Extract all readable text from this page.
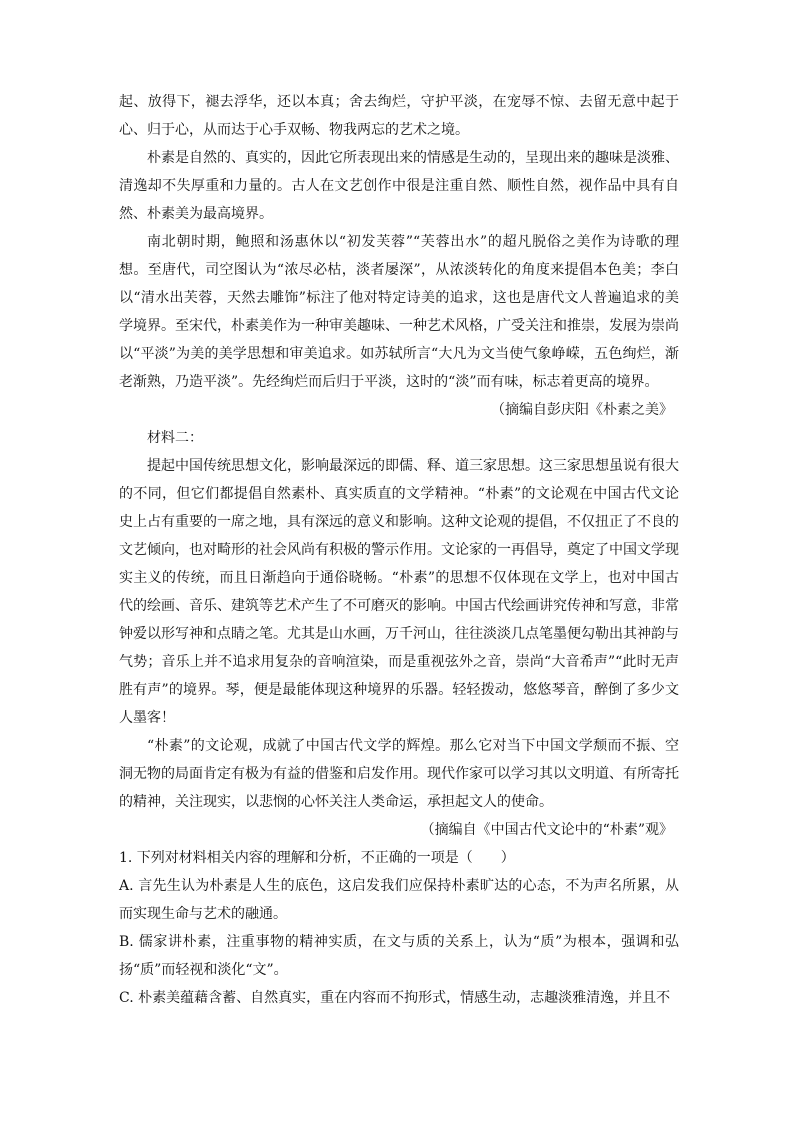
起、放得下，褪去浮华，还以本真；舍去绚烂，守护平淡，在宠辱不惊、去留无意中起于心、归于心，从而达于心手双畅、物我两忘的艺术之境。

朴素是自然的、真实的，因此它所表现出来的情感是生动的，呈现出来的趣味是淡雅、清逸却不失厚重和力量的。古人在文艺创作中很是注重自然、顺性自然，视作品中具有自然、朴素美为最高境界。

南北朝时期，鲍照和汤惠休以“初发芙蓉”“芙蓉出水”的超凡脱俗之美作为诗歌的理想。至唐代，司空图认为“浓尽必枯，淡者屡深”，从浓淡转化的角度来提倡本色美；李白以“清水出芙蓉，天然去雕饰”标注了他对特定诗美的追求，这也是唐代文人普遍追求的美学境界。至宋代，朴素美作为一种审美趣味、一种艺术风格，广受关注和推崇，发展为崇尚以“平淡”为美的美学思想和审美追求。如苏轼所言“大凡为文当使气象峥嵘，五色绚烂，渐老渐熟，乃造平淡”。先经绚烂而后归于平淡，这时的“淡”而有味，标志着更高的境界。

（摘编自彭庆阳《朴素之美》

材料二：

提起中国传统思想文化，影响最深远的即儒、释、道三家思想。这三家思想虽说有很大的不同，但它们都提倡自然素朴、真实质直的文学精神。“朴素”的文论观在中国古代文论史上占有重要的一席之地，具有深远的意义和影响。这种文论观的提倡，不仅扭正了不良的文艺倾向，也对畸形的社会风尚有积极的警示作用。文论家的一再倡导，奠定了中国文学现实主义的传统，而且日渐趋向于通俗晓畅。“朴素”的思想不仅体现在文学上，也对中国古代的绘画、音乐、建筑等艺术产生了不可磨灭的影响。中国古代绘画讲究传神和写意，非常钟爱以形写神和点睛之笔。尤其是山水画，万千河山，往往淡淡几点笔墨便勾勒出其神韵与气势；音乐上并不追求用复杂的音响渲染，而是重视弦外之音，崇尚“大音希声”“此时无声胜有声”的境界。琴，便是最能体现这种境界的乐器。轻轻拨动，悠悠琴音，醉倒了多少文人墨客！

“朴素”的文论观，成就了中国古代文学的辉煌。那么它对当下中国文学颓而不振、空洞无物的局面肯定有极为有益的借鉴和启发作用。现代作家可以学习其以文明道、有所寄托的精神，关注现实，以悲悯的心怀关注人类命运，承担起文人的使命。

（摘编自《中国古代文论中的“朴素”观》

1. 下列对材料相关内容的理解和分析，不正确的一项是（　　）

A. 言先生认为朴素是人生的底色，这启发我们应保持朴素旷达的心态，不为声名所累，从而实现生命与艺术的融通。

B. 儒家讲朴素，注重事物的精神实质，在文与质的关系上，认为“质”为根本，强调和弘扬“质”而轻视和淡化“文”。

C. 朴素美蕴藉含蓄、自然真实，重在内容而不拘形式，情感生动，志趣淡雅清逸，并且不
